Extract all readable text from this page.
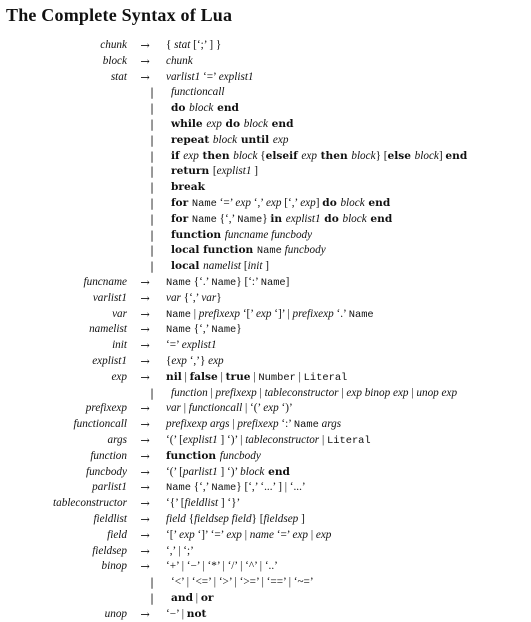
The Complete Syntax of Lua
chunk → { stat [‘;’ ] }
block → chunk
stat → varlist1 ‘=’ explist1
| functioncall
| do block end
| while exp do block end
| repeat block until exp
| if exp then block {elseif exp then block} [else block] end
| return [explist1 ]
| break
| for Name ‘=’ exp ‘,’ exp [‘,’ exp] do block end
| for Name {‘,’ Name} in explist1 do block end
| function funcname funcbody
| local function Name funcbody
| local namelist [init ]
funcname → Name {‘.’ Name} [‘:’ Name]
varlist1 → var {‘,’ var}
var → Name | prefixexp ‘[’ exp ‘]’ | prefixexp ‘.’ Name
namelist → Name {‘,’ Name}
init → ‘=’ explist1
explist1 → {exp ‘,’} exp
exp → nil | false | true | Number | Literal
| function | prefixexp | tableconstructor | exp binop exp | unop exp
prefixexp → var | functioncall | ‘(’ exp ‘)’
functioncall → prefixexp args | prefixexp ‘:’ Name args
args → ‘(’ [explist1 ] ‘)’ | tableconstructor | Literal
function → function funcbody
funcbody → ‘(’ [parlist1 ] ‘)’ block end
parlist1 → Name {‘,’ Name} [‘,’ ‘...’ ] | ‘...’
tableconstructor → ‘{’ [fieldlist ] ‘}’
fieldlist → field {fieldsep field} [fieldsep ]
field → ‘[’ exp ‘]’ ‘=’ exp | name ‘=’ exp | exp
fieldsep → ‘,’ | ‘;’
binop → ‘+’ | ‘−’ | ‘*’ | ‘/’ | ‘^’ | ‘..’
| ‘<’ | ‘<=’ | ‘>’ | ‘>=’ | ‘==’ | ‘~=’
| and | or
unop → ‘−’ | not
